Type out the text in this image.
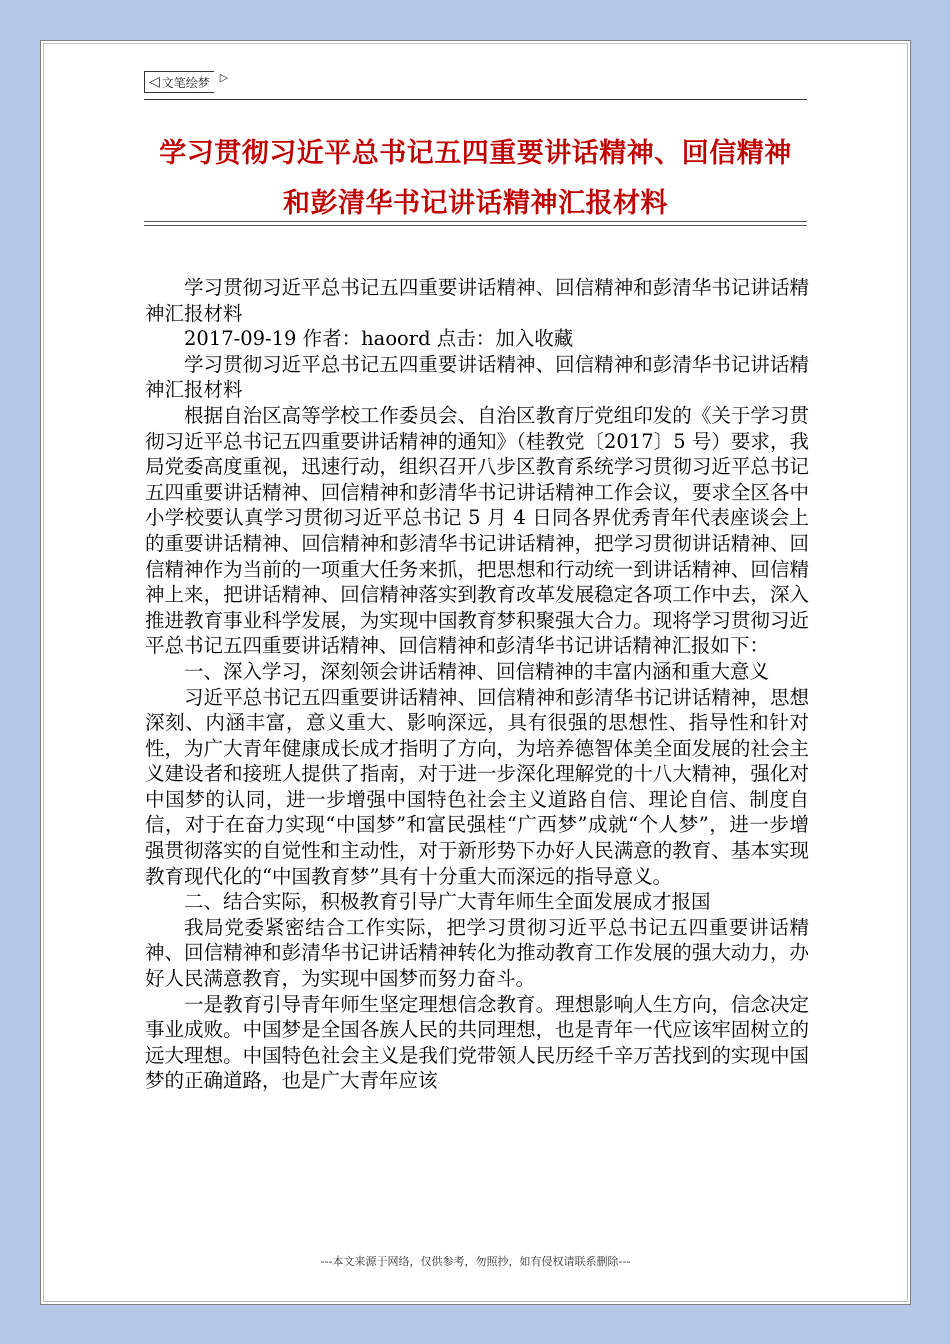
◁ 文笔绘梦 ▷
学习贯彻习近平总书记五四重要讲话精神、回信精神
和彭清华书记讲话精神汇报材料

学习贯彻习近平总书记五四重要讲话精神、回信精神和彭清华书记讲话精神汇报材料

2017-09-19 作者：haoord 点击：加入收藏

学习贯彻习近平总书记五四重要讲话精神、回信精神和彭清华书记讲话精神汇报材料

根据自治区高等学校工作委员会、自治区教育厅党组印发的《关于学习贯彻习近平总书记五四重要讲话精神的通知》（桂教党〔2017〕5 号）要求，我局党委高度重视，迅速行动，组织召开八步区教育系统学习贯彻习近平总书记五四重要讲话精神、回信精神和彭清华书记讲话精神工作会议，要求全区各中小学校要认真学习贯彻习近平总书记 5 月 4 日同各界优秀青年代表座谈会上的重要讲话精神、回信精神和彭清华书记讲话精神，把学习贯彻讲话精神、回信精神作为当前的一项重大任务来抓，把思想和行动统一到讲话精神、回信精神上来，把讲话精神、回信精神落实到教育改革发展稳定各项工作中去，深入推进教育事业科学发展，为实现中国教育梦积聚强大合力。现将学习贯彻习近平总书记五四重要讲话精神、回信精神和彭清华书记讲话精神汇报如下：

一、深入学习，深刻领会讲话精神、回信精神的丰富内涵和重大意义

习近平总书记五四重要讲话精神、回信精神和彭清华书记讲话精神，思想深刻、内涵丰富，意义重大、影响深远，具有很强的思想性、指导性和针对性，为广大青年健康成长成才指明了方向，为培养德智体美全面发展的社会主义建设者和接班人提供了指南，对于进一步深化理解党的十八大精神，强化对中国梦的认同，进一步增强中国特色社会主义道路自信、理论自信、制度自信，对于在奋力实现“中国梦”和富民强桂“广西梦”成就“个人梦”，进一步增强贯彻落实的自觉性和主动性，对于新形势下办好人民满意的教育、基本实现教育现代化的“中国教育梦”具有十分重大而深远的指导意义。

二、结合实际，积极教育引导广大青年师生全面发展成才报国

我局党委紧密结合工作实际，把学习贯彻习近平总书记五四重要讲话精神、回信精神和彭清华书记讲话精神转化为推动教育工作发展的强大动力，办好人民满意教育，为实现中国梦而努力奋斗。

一是教育引导青年师生坚定理想信念教育。理想影响人生方向，信念决定事业成败。中国梦是全国各族人民的共同理想，也是青年一代应该牢固树立的远大理想。中国特色社会主义是我们党带领人民历经千辛万苦找到的实现中国梦的正确道路，也是广大青年应该

---本文来源于网络，仅供参考，勿照抄，如有侵权请联系删除---
